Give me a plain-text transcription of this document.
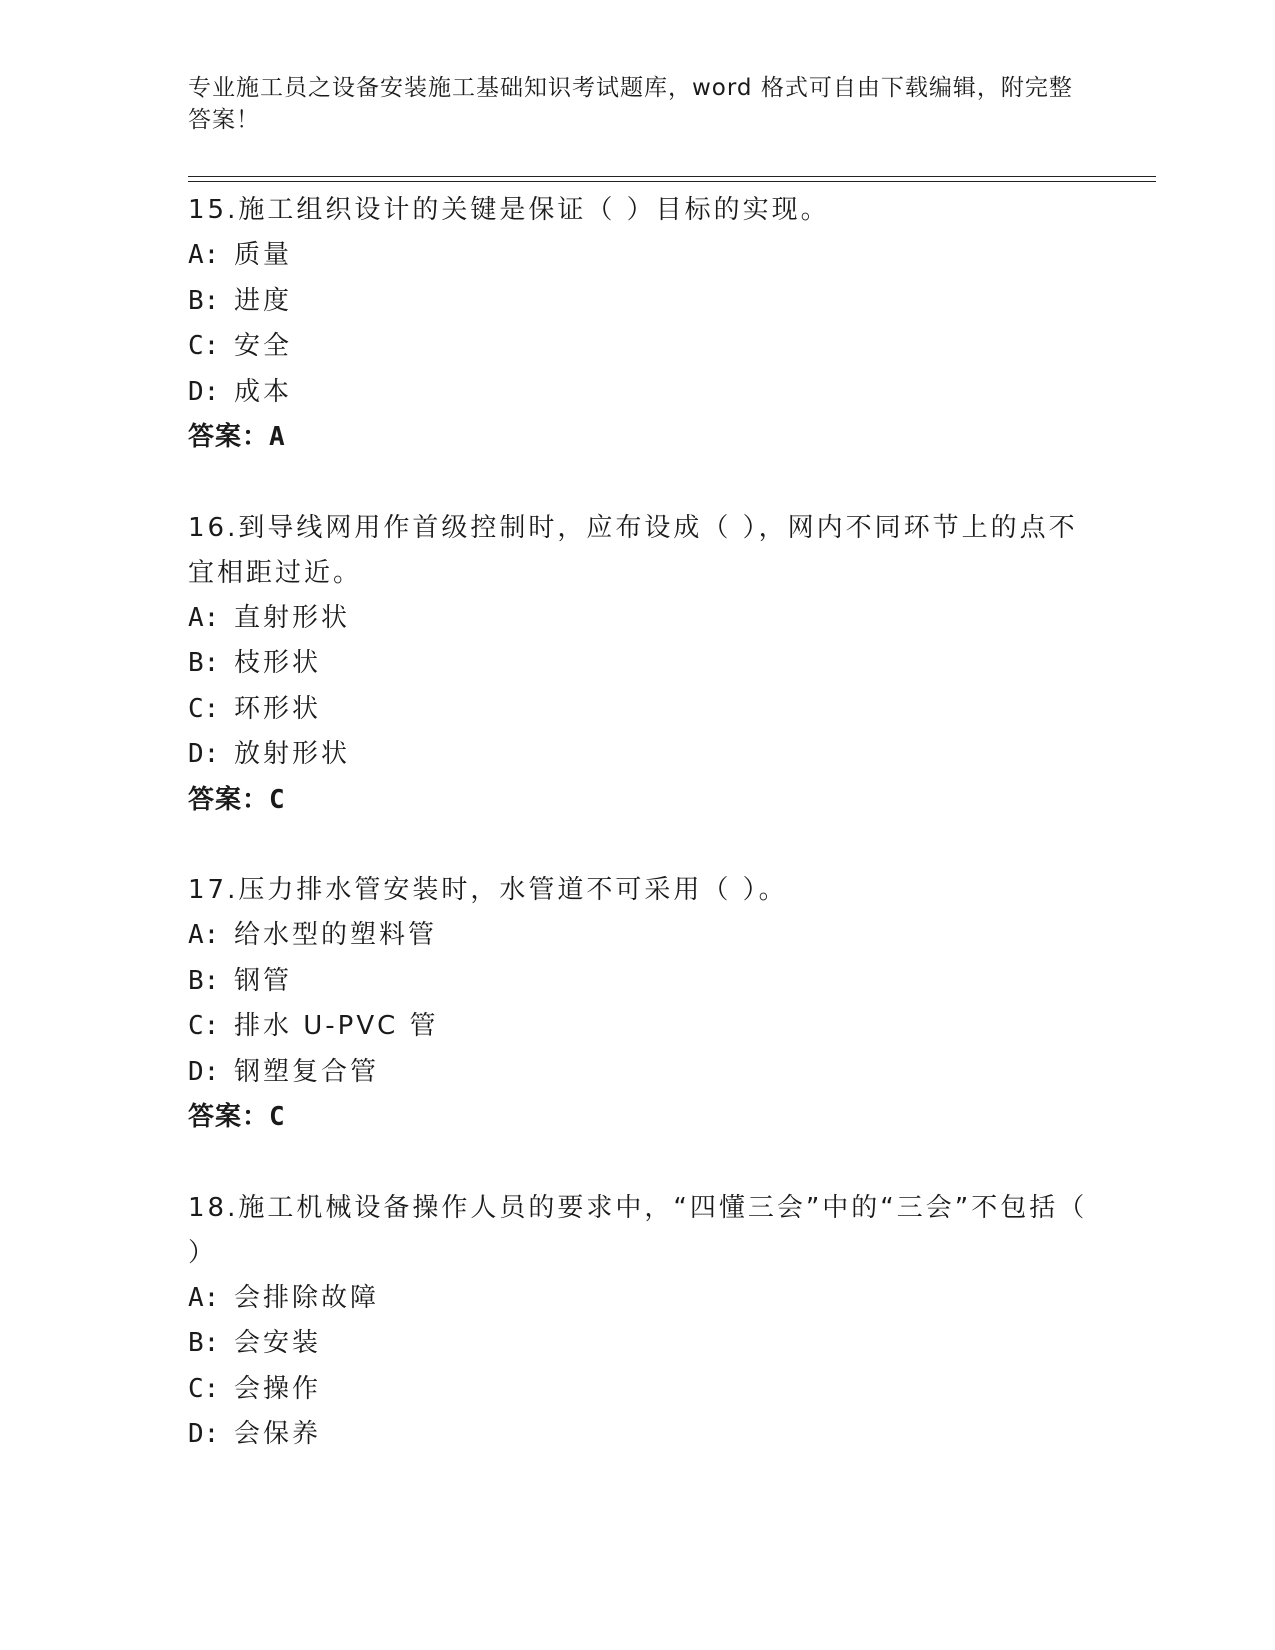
专业施工员之设备安装施工基础知识考试题库，word 格式可自由下载编辑，附完整答案！

15.施工组织设计的关键是保证（ ）目标的实现。

A: 质量
B: 进度
C: 安全
D: 成本
答案：A

16.到导线网用作首级控制时，应布设成（ ），网内不同环节上的点不宜相距过近。

A: 直射形状
B: 枝形状
C: 环形状
D: 放射形状
答案：C

17.压力排水管安装时，水管道不可采用（ ）。

A: 给水型的塑料管
B: 钢管
C: 排水 U-PVC 管
D: 钢塑复合管
答案：C

18.施工机械设备操作人员的要求中，“四懂三会”中的“三会”不包括（ ）

A: 会排除故障
B: 会安装
C: 会操作
D: 会保养
